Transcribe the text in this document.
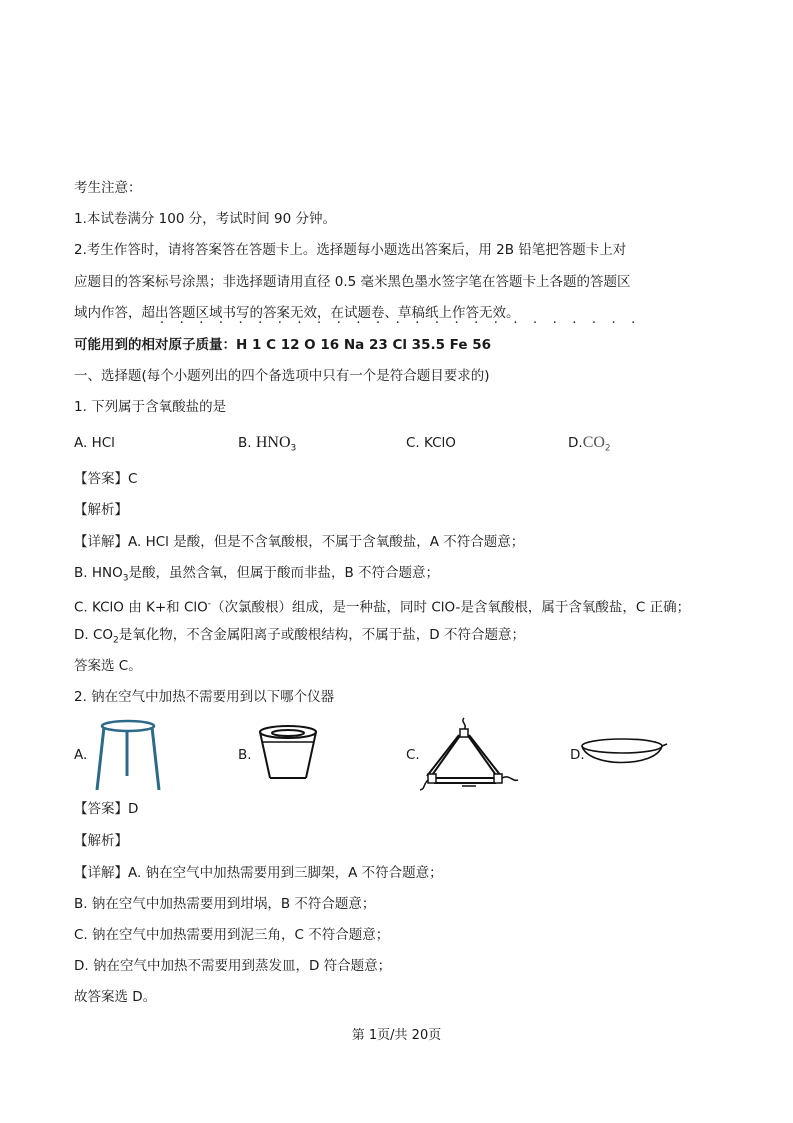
考生注意：
1.本试卷满分 100 分，考试时间 90 分钟。
2.考生作答时，请将答案答在答题卡上。选择题每小题选出答案后，用 2B 铅笔把答题卡上对
应题目的答案标号涂黑；非选择题请用直径 0.5 毫米黑色墨水签字笔在答题卡上各题的答题区
域内作答，超出答题区域书写的答案无效，在试题卷、草稿纸上作答无效。
·························
可能用到的相对原子质量：H 1 C 12 O 16 Na 23 Cl 35.5 Fe 56
一、选择题(每个小题列出的四个备选项中只有一个是符合题目要求的)
1. 下列属于含氧酸盐的是
A. HCl	B. $HNO_3$	C. KClO	$D.CO_2$
【答案】C
【解析】
【详解】A. HCl 是酸，但是不含氧酸根，不属于含氧酸盐，A 不符合题意；
B. $HNO_3$是酸，虽然含氧，但属于酸而非盐，B 不符合题意；
C. KClO 由 K+和 ClO-（次氯酸根）组成，是一种盐，同时 ClO-是含氧酸根，属于含氧酸盐，C 正确；
D. $CO_2$是氧化物，不含金属阳离子或酸根结构，不属于盐，D 不符合题意；
答案选 C。
2. 钠在空气中加热不需要用到以下哪个仪器
A.	B.	C.	D.
【答案】D
【解析】
【详解】A. 钠在空气中加热需要用到三脚架，A 不符合题意；
B. 钠在空气中加热需要用到坩埚，B 不符合题意；
C. 钠在空气中加热需要用到泥三角，C 不符合题意；
D. 钠在空气中加热不需要用到蒸发皿，D 符合题意；
故答案选 D。
第 1页/共 20页
